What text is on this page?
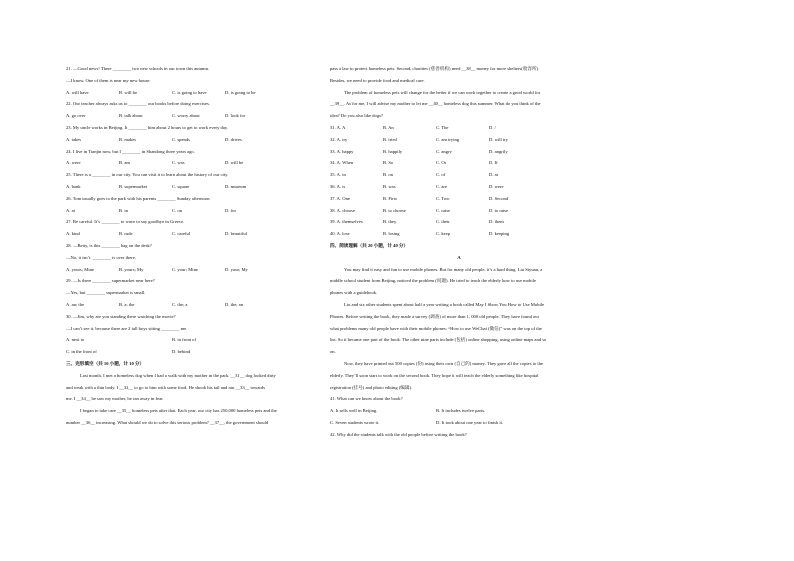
21. —Good news! There ________ two new schools in our town this autumn.
—I know. One of them is near my new house.
A. will have	B. will be	C. is going to have	D. is going to be
22. Our teacher always asks us to ________ our books before doing exercises.
A. go over	B. talk about	C. worry about	D. look for
23. My uncle works in Beijing. It ________ him about 2 hours to get to work every day.
A. takes	B. makes	C. spends	D. drives
24. I live in Tianjin now, but I ________ in Shandong three years ago.
A. were	B. am	C. was	D. will be
25. There is a ________ in our city. You can visit it to learn about the history of our city.
A. bank	B. supermarket	C. square	D. museum
26. Tom usually goes to the park with his parents ________ Sunday afternoon.
A. at	B. in	C. on	D. for
27. Be careful. It’s ________ to wave to say goodbye in Greece.
A. kind	B. rude	C. careful	D. beautiful
28. —Betty, is this ________ bag on the desk?
—No, it isn’t. ________ is over there.
A. yours; Mine	B. yours; My	C. your; Mine	D. your; My
29. —Is there ________ supermarket near here?
—Yes, but ________ supermarket is small.
A. an; the	B. a; the	C. the; a	D. the; an
30. —Jim, why are you standing there watching the movie?
—I can’t see it, because there are 2 tall boys sitting ________ me.
A. next to	B. in front of
C. in the front of	D. behind
三、完形填空（共 10 小题，计 10 分）
Last month, I met a homeless dog when I had a walk with my mother in the park. __31__ dog looked dirty
and weak with a thin body. I __32__ to go to him with some food. He shook his tail and ran __33__ towards
me. I __34__ he saw my mother, he ran away in fear.
I began to take care __35__ homeless pets after that. Each year, our city has 250,000 homeless pets and the
number __36__ increasing. What should we do to solve this serious problem? __37__, the government should
pass a law to protect homeless pets. Second, charities (慈善机构) need __38__ money for more shelters(收容所).
Besides, we need to provide food and medical care.
The problem of homeless pets will change for the better if we can work together to create a good world for
__39__. As for me, I will advise my mother to let me __40__ homeless dog this summer. What do you think of the
idea? Do you also like dogs?
31. A. A	B. An	C. The	D. /
32. A. try	B. tried	C. am trying	D. will try
33. A. happy	B. happily	C. angry	D. angrily
34. A. When	B. So	C. Or	D. If
35. A. in	B. on	C. of	D. at
36. A. is	B. was	C. are	D. were
37. A. One	B. First	C. Two	D. Second
38. A. choose	B. to choose	C. raise	D. to raise
39. A. themselves	B. they	C. their	D. them
40. A. lose	B. losing	C. keep	D. keeping
四、阅读理解（共 20 小题，计 40 分）
A
You may find it easy and fun to use mobile phones. But for many old people, it’s a hard thing. Liu Siyuan, a
middle school student from Beijing, noticed the problem (问题). He tried to teach the elderly how to use mobile
phones with a guidebook.
Liu and six other students spent about half a year writing a book called May I Show You How to Use Mobile
Phones. Before writing the book, they made a survey (调查) of more than 1, 000 old people. They have found out
what problems many old people have with their mobile phones: “How to use WeChat (微信)” was on the top of the
list. So it became one part of the book. The other nine parts include (包括) online shopping, using online maps and so
on.
Now, they have printed out 500 copies (份) using their own (自己的) money. They gave all the copies to the
elderly. They’ll soon start to work on the second book. They hope it will teach the elderly something like hospital
registration (挂号) and photo editing (编辑).
41. What can we know about the book?
A. It sells well in Beijing.	B. It includes twelve parts.
C. Seven students wrote it.	D. It took about one year to finish it.
42. Why did the students talk with the old people before writing the book?
